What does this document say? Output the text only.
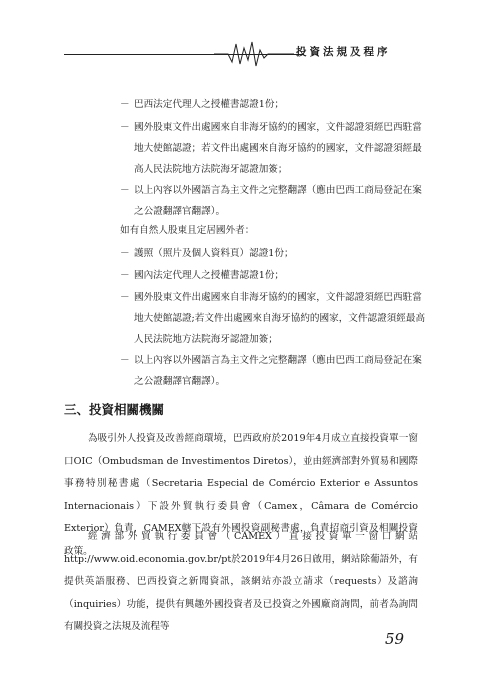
投資法規及程序
－ 巴西法定代理人之授權書認證1份；
－ 國外股東文件出處國來自非海牙協約的國家，文件認證須經巴西駐當地大使館認證；若文件出處國來自海牙協約的國家，文件認證須經最高人民法院地方法院海牙認證加簽；
－ 以上內容以外國語言為主文件之完整翻譯（應由巴西工商局登記在案之公證翻譯官翻譯）。
如有自然人股東且定居國外者：
－ 護照（照片及個人資料頁）認證1份；
－ 國內法定代理人之授權書認證1份；
－ 國外股東文件出處國來自非海牙協約的國家，文件認證須經巴西駐當地大使館認證;若文件出處國來自海牙協約的國家，文件認證須經最高人民法院地方法院海牙認證加簽；
－ 以上內容以外國語言為主文件之完整翻譯（應由巴西工商局登記在案之公證翻譯官翻譯）。
三、投資相關機關
為吸引外人投資及改善經商環境，巴西政府於2019年4月成立直接投資單一窗口OIC（Ombudsman de Investimentos Diretos），並由經濟部對外貿易和國際事務特別秘書處（Secretaria Especial de Comércio Exterior e Assuntos Internacionais）下設外貿執行委員會（Camex，Câmara de Comércio Exterior）負責，CAMEX轄下設有外國投資副秘書處，負責招商引資及相關投資政策。
經濟部外貿執行委員會（CAMEX）直接投資單一窗口網站http://www.oid.economia.gov.br/pt於2019年4月26日啟用，網站除葡語外，有提供英語服務、巴西投資之新聞資訊，該網站亦設立請求（requests）及諮詢（inquiries）功能，提供有興趣外國投資者及已投資之外國廠商詢問，前者為詢問有關投資之法規及流程等
59
